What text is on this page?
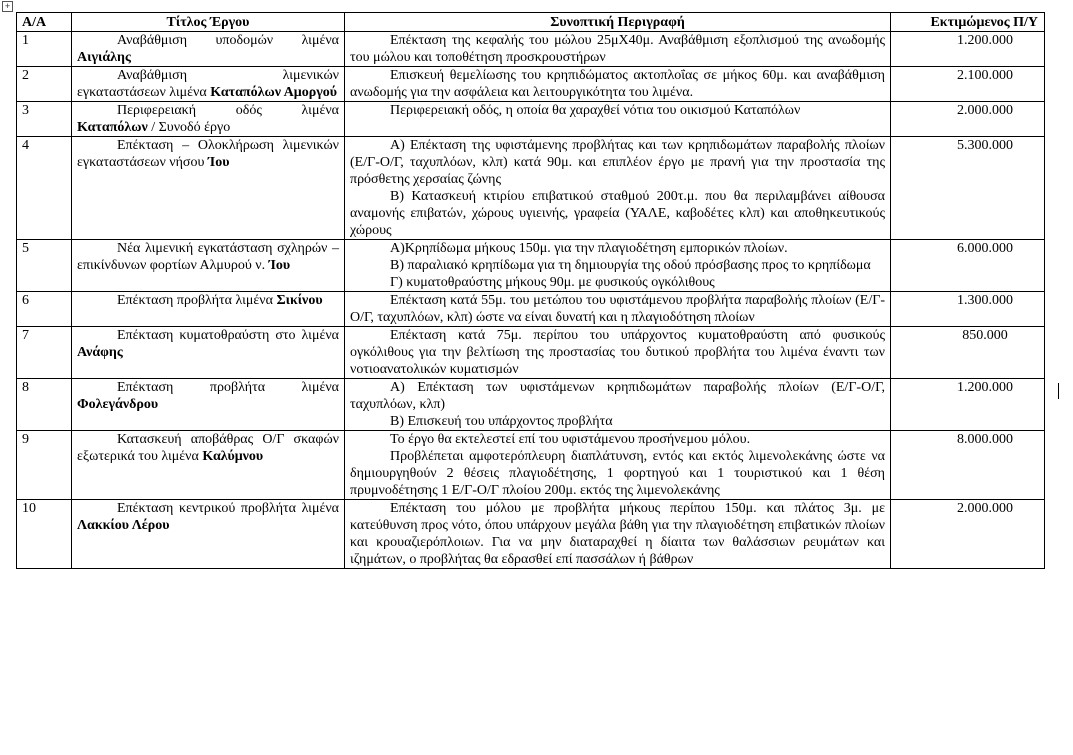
+
Α/Α	Τίτλος Έργου	Συνοπτική Περιγραφή	Εκτιμώμενος Π/Υ
1	Αναβάθμιση υποδομών λιμένα Αιγιάλης	Επέκταση της κεφαλής του μώλου 25μΧ40μ. Αναβάθμιση εξοπλισμού της ανωδομής του μώλου και τοποθέτηση προσκρουστήρων	1.200.000
2	Αναβάθμιση λιμενικών εγκαταστάσεων λιμένα Καταπόλων Αμοργού	Επισκευή θεμελίωσης του κρηπιδώματος ακτοπλοΐας σε μήκος 60μ. και αναβάθμιση ανωδομής για την ασφάλεια και λειτουργικότητα του λιμένα.	2.100.000
3	Περιφερειακή οδός λιμένα Καταπόλων / Συνοδό έργο	Περιφερειακή οδός, η οποία θα χαραχθεί νότια του οικισμού Καταπόλων	2.000.000
4	Επέκταση – Ολοκλήρωση λιμενικών εγκαταστάσεων νήσου Ίου	Α) Επέκταση της υφιστάμενης προβλήτας και των κρηπιδωμάτων παραβολής πλοίων (Ε/Γ-Ο/Γ, ταχυπλόων, κλπ) κατά 90μ. και επιπλέον έργο με πρανή για την προστασία της πρόσθετης χερσαίας ζώνης

Β) Κατασκευή κτιρίου επιβατικού σταθμού 200τ.μ. που θα περιλαμβάνει αίθουσα αναμονής επιβατών, χώρους υγιεινής, γραφεία (ΥΑΛΕ, καβοδέτες κλπ) και αποθηκευτικούς χώρους	5.300.000
5	Νέα λιμενική εγκατάσταση σχληρών – επικίνδυνων φορτίων Αλμυρού ν. Ίου	Α)Κρηπίδωμα μήκους 150μ. για την πλαγιοδέτηση εμπορικών πλοίων.

Β) παραλιακό κρηπίδωμα για τη δημιουργία της οδού πρόσβασης προς το κρηπίδωμα

Γ) κυματοθραύστης μήκους 90μ. με φυσικούς ογκόλιθους	6.000.000
6	Επέκταση προβλήτα λιμένα Σικίνου	Επέκταση κατά 55μ. του μετώπου του υφιστάμενου προβλήτα παραβολής πλοίων (Ε/Γ-Ο/Γ, ταχυπλόων, κλπ) ώστε να είναι δυνατή και η πλαγιοδότηση πλοίων	1.300.000
7	Επέκταση κυματοθραύστη στο λιμένα Ανάφης	Επέκταση κατά 75μ. περίπου του υπάρχοντος κυματοθραύστη από φυσικούς ογκόλιθους για την βελτίωση της προστασίας του δυτικού προβλήτα του λιμένα έναντι των νοτιοανατολικών κυματισμών	850.000
8	Επέκταση προβλήτα λιμένα Φολεγάνδρου	Α) Επέκταση των υφιστάμενων κρηπιδωμάτων παραβολής πλοίων (Ε/Γ-Ο/Γ, ταχυπλόων, κλπ)

Β) Επισκευή του υπάρχοντος προβλήτα	1.200.000
9	Κατασκευή αποβάθρας Ο/Γ σκαφών εξωτερικά του λιμένα Καλύμνου	Το έργο θα εκτελεστεί επί του υφιστάμενου προσήνεμου μόλου.

Προβλέπεται αμφοτερόπλευρη διαπλάτυνση, εντός και εκτός λιμενολεκάνης ώστε να δημιουργηθούν 2 θέσεις πλαγιοδέτησης, 1 φορτηγού και 1 τουριστικού και 1 θέση πρυμνοδέτησης 1 Ε/Γ-Ο/Γ πλοίου 200μ. εκτός της λιμενολεκάνης	8.000.000
10	Επέκταση κεντρικού προβλήτα λιμένα Λακκίου Λέρου	Επέκταση του μόλου με προβλήτα μήκους περίπου 150μ. και πλάτος 3μ. με κατεύθυνση προς νότο, όπου υπάρχουν μεγάλα βάθη για την πλαγιοδέτηση επιβατικών πλοίων και κρουαζιερόπλοιων. Για να μην διαταραχθεί η δίαιτα των θαλάσσιων ρευμάτων και ιζημάτων, ο προβλήτας θα εδρασθεί επί πασσάλων ή βάθρων	2.000.000
